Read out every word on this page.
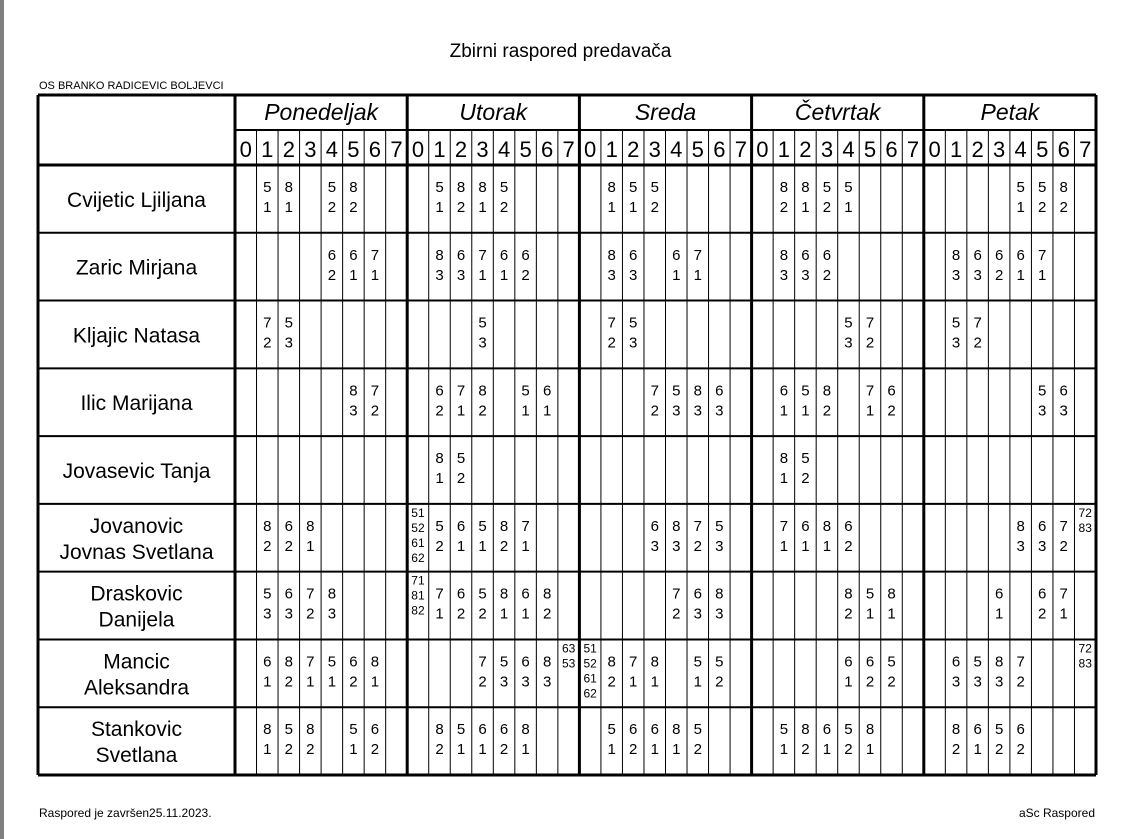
Zbirni raspored predavača
OS BRANKO RADICEVIC BOLJEVCI
Ponedeljak
0 1 2 3 4 5 6 7
Utorak
0 1 2 3 4 5 6 7
Sreda
0 1 2 3 4 5 6 7
Četvrtak
0 1 2 3 4 5 6 7
Petak
0 1 2 3 4 5 6 7
Cvijetic Ljiljana
5
1
8
1
5
2
8
2
5
1
8
2
8
1
5
2
8
1
5
1
5
2
8
2
8
1
5
2
5
1
5
1
5
2
8
2
Zaric Mirjana
6
2
6
1
7
1
8
3
6
3
7
1
6
1
6
2
8
3
6
3
6
1
7
1
8
3
6
3
6
2
8
3
6
3
6
2
6
1
7
1
Kljajic Natasa
7
2
5
3
5
3
7
2
5
3
5
3
7
2
5
3
7
2
Ilic Marijana
8
3
7
2
6
2
7
1
8
2
5
1
6
1
7
2
5
3
8
3
6
3
6
1
5
1
8
2
7
1
6
2
5
3
6
3
Jovasevic Tanja
8
1
5
2
8
1
5
2
Jovanovic
Jovnas Svetlana
8
2
6
2
8
1
51
52
61
62
5
2
6
1
5
1
8
2
7
1
6
3
8
3
7
2
5
3
7
1
6
1
8
1
6
2
8
3
6
3
7
2
72
83
Draskovic
Danijela
5
3
6
3
7
2
8
3
71
81
82
7
1
6
2
5
2
8
1
6
1
8
2
7
2
6
3
8
3
8
2
5
1
8
1
6
1
6
2
7
1
Mancic
Aleksandra
6
1
8
2
7
1
5
1
6
2
8
1
7
2
5
3
6
3
8
3
63
53
51
52
61
62
8
2
7
1
8
1
5
1
5
2
6
1
6
2
5
2
6
3
5
3
8
3
7
2
72
83
Stankovic
Svetlana
8
1
5
2
8
2
5
1
6
2
8
2
5
1
6
1
6
2
8
1
5
1
6
2
6
1
8
1
5
2
5
1
8
2
6
1
5
2
8
1
8
2
6
1
5
2
6
2
Raspored je završen25.11.2023.	aSc Raspored
